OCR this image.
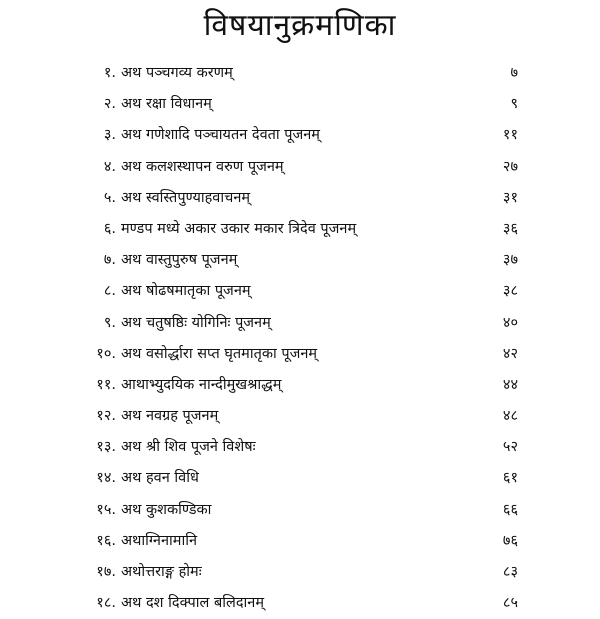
विषयानुक्रमणिका
१. अथ पञ्चगव्य करणम्	७
२. अथ रक्षा विधानम्	९
३. अथ गणेशादि पञ्चायतन देवता पूजनम्	११
४. अथ कलशस्थापन वरुण पूजनम्	२७
५. अथ स्वस्तिपुण्याहवाचनम्	३१
६. मण्डप मध्ये अकार उकार मकार त्रिदेव पूजनम्	३६
७. अथ वास्तुपुरुष पूजनम्	३७
८. अथ षोढषमातृका पूजनम्	३८
९. अथ चतुषष्ठिः योगिनिः पूजनम्	४०
१०. अथ वसोर्द्धारा सप्त घृतमातृका पूजनम्	४२
११. आथाभ्युदयिक नान्दीमुखश्राद्धम्	४४
१२. अथ नवग्रह पूजनम्	४८
१३. अथ श्री शिव पूजने विशेषः	५२
१४. अथ हवन विधि	६१
१५. अथ कुशकण्डिका	६६
१६. अथाग्निनामानि	७६
१७. अथोत्तराङ्ग होमः	८३
१८. अथ दश दिक्पाल बलिदानम्	८५
